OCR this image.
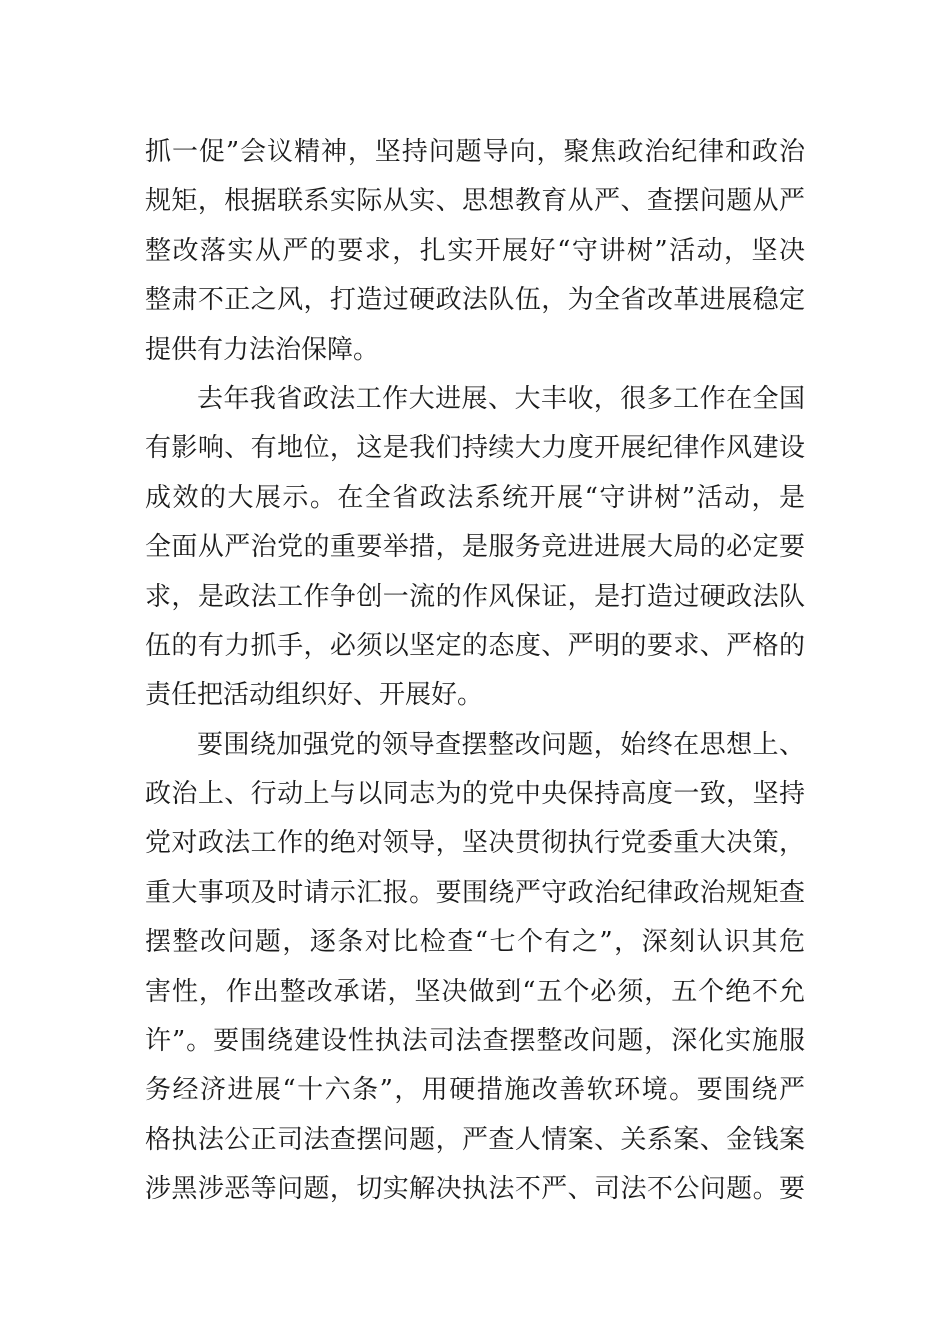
抓一促”会议精神，坚持问题导向，聚焦政治纪律和政治
规矩，根据联系实际从实、思想教育从严、查摆问题从严
整改落实从严的要求，扎实开展好“守讲树”活动，坚决
整肃不正之风，打造过硬政法队伍，为全省改革进展稳定
提供有力法治保障。
去年我省政法工作大进展、大丰收，很多工作在全国
有影响、有地位，这是我们持续大力度开展纪律作风建设
成效的大展示。在全省政法系统开展“守讲树”活动，是
全面从严治党的重要举措，是服务竞进进展大局的必定要
求，是政法工作争创一流的作风保证，是打造过硬政法队
伍的有力抓手，必须以坚定的态度、严明的要求、严格的
责任把活动组织好、开展好。
要围绕加强党的领导查摆整改问题，始终在思想上、
政治上、行动上与以同志为的党中央保持高度一致，坚持
党对政法工作的绝对领导，坚决贯彻执行党委重大决策，
重大事项及时请示汇报。要围绕严守政治纪律政治规矩查
摆整改问题，逐条对比检查“七个有之”，深刻认识其危
害性，作出整改承诺，坚决做到“五个必须，五个绝不允
许”。要围绕建设性执法司法查摆整改问题，深化实施服
务经济进展“十六条”，用硬措施改善软环境。要围绕严
格执法公正司法查摆问题，严查人情案、关系案、金钱案
涉黑涉恶等问题，切实解决执法不严、司法不公问题。要
